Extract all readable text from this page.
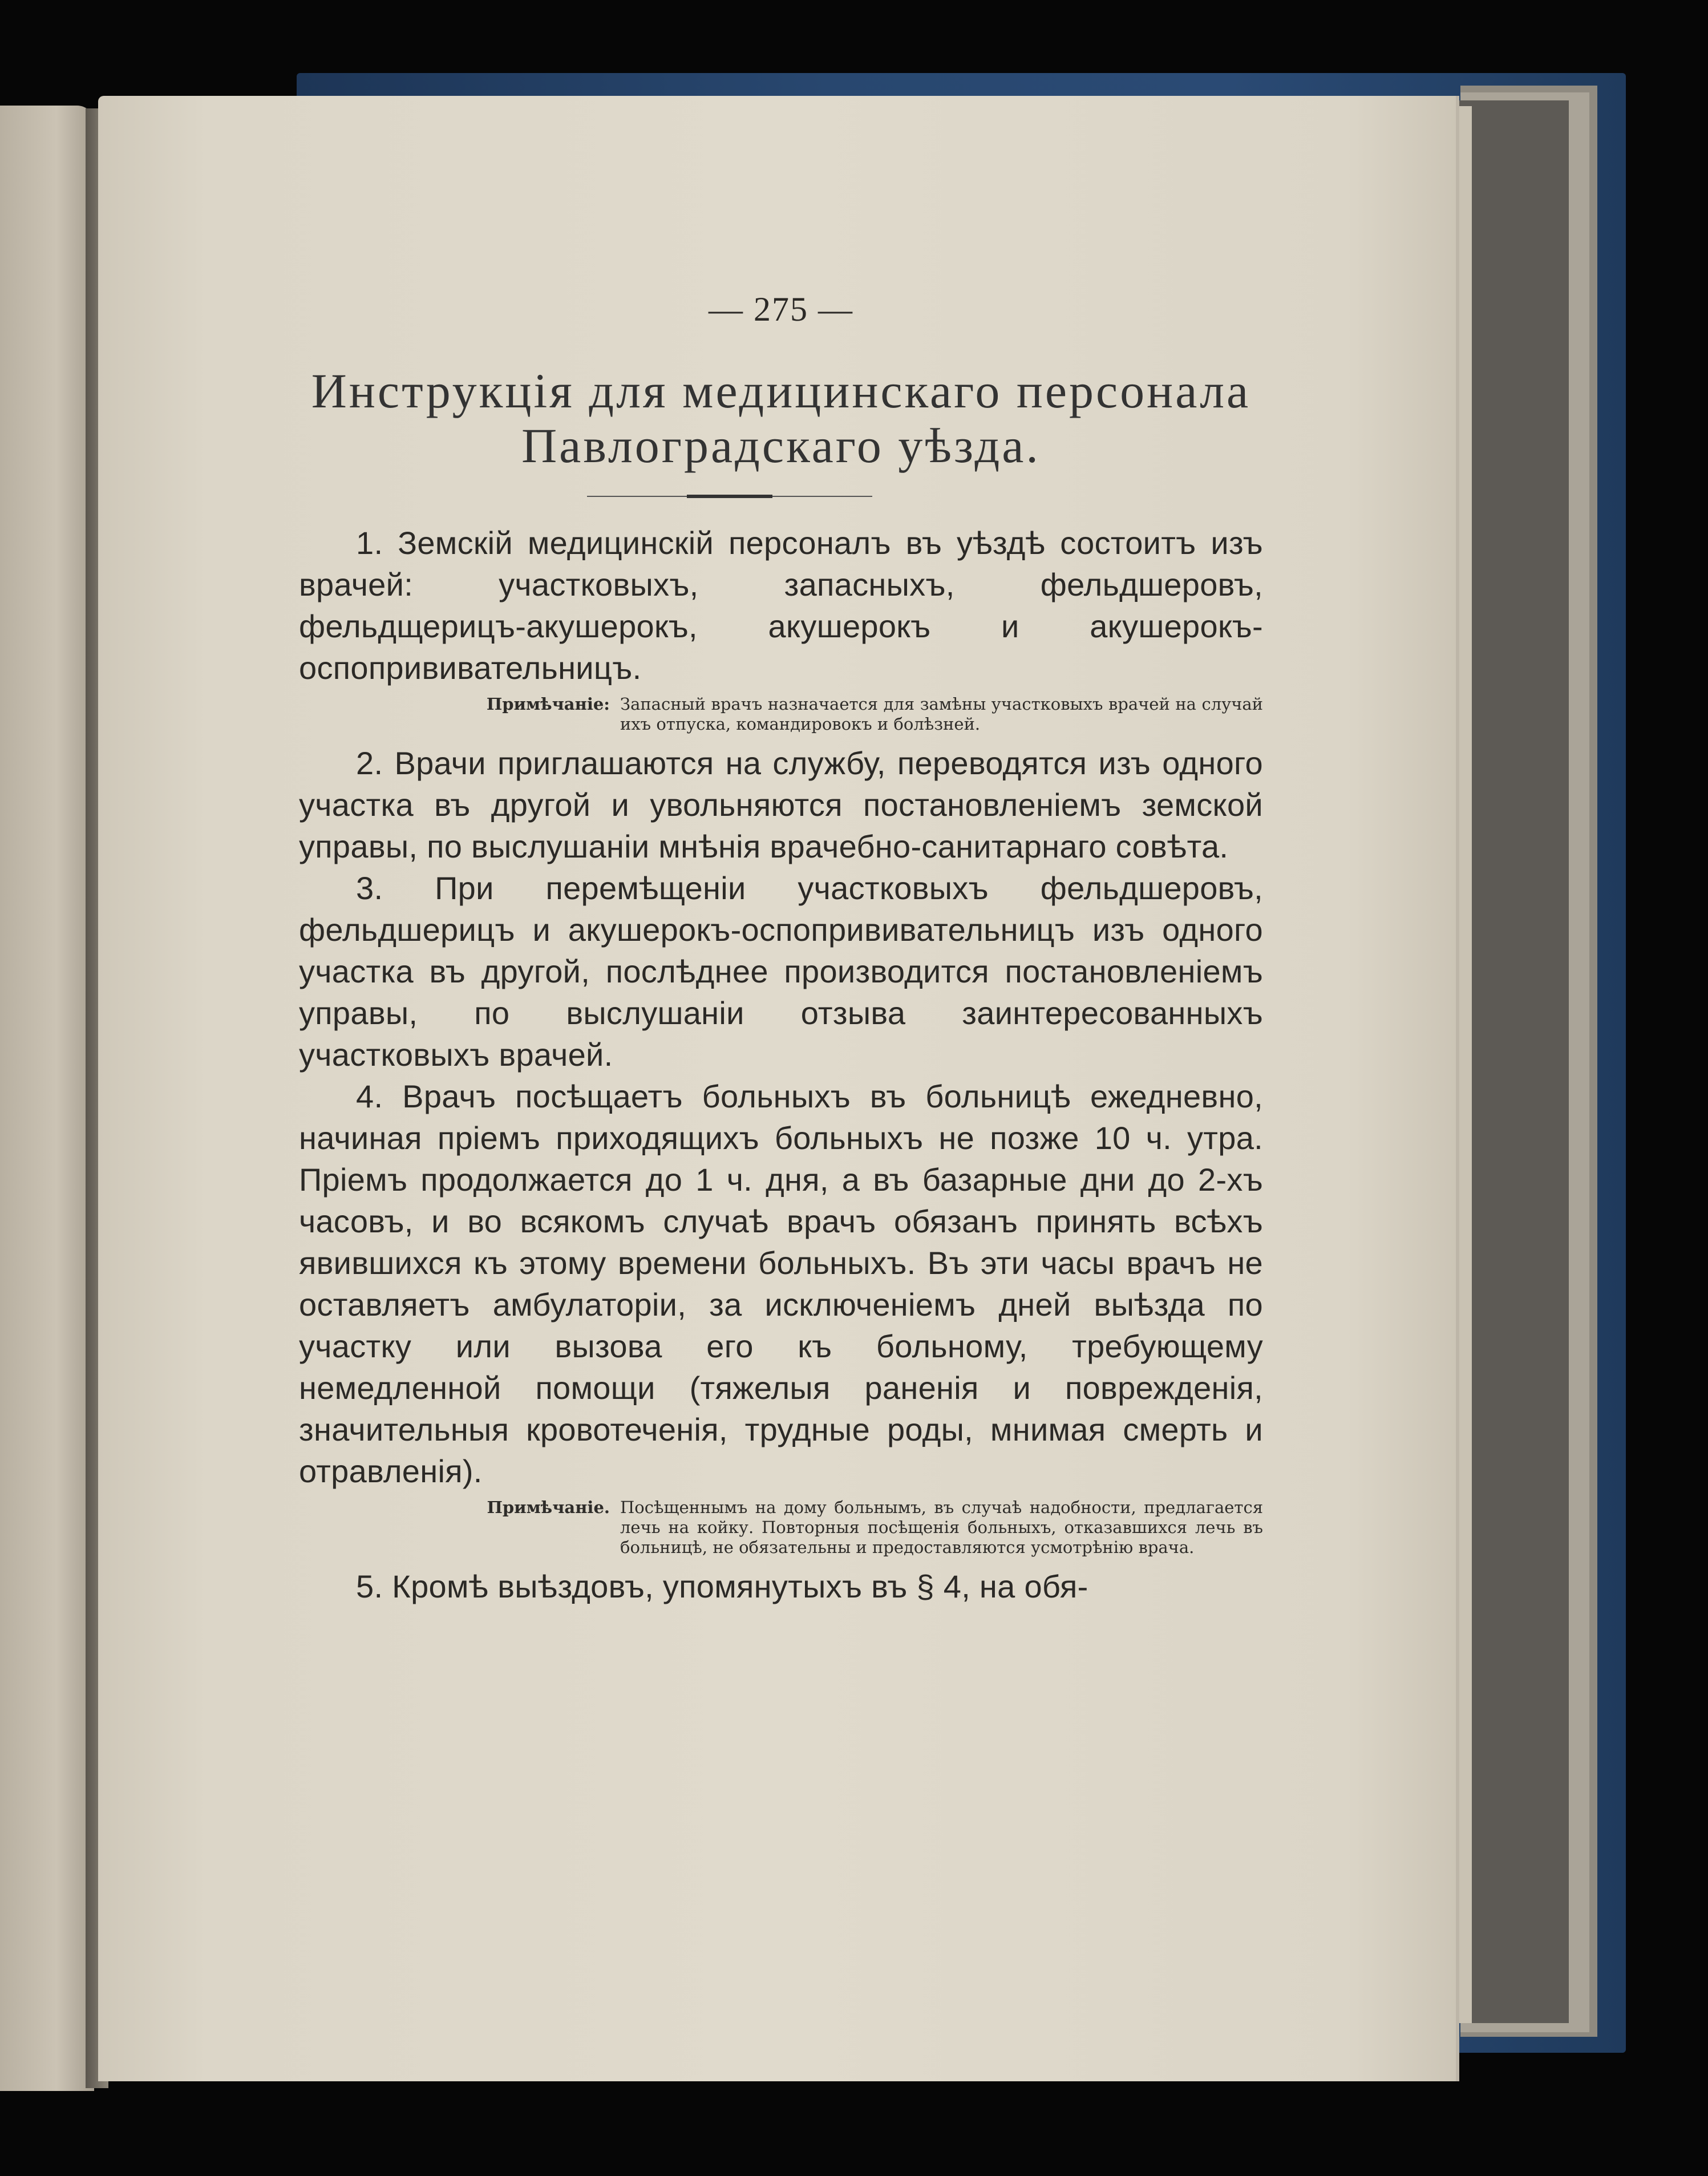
— 275 —
Инструкція для медицинскаго персонала
Павлоградскаго уѣзда.

1. Земскій медицинскій персоналъ въ уѣздѣ состоитъ изъ врачей: участковыхъ, запасныхъ, фельдшеровъ, фельдщерицъ-акушерокъ, акушерокъ и акушерокъ-оспопрививательницъ.

Примѣчаніе: Запасный врачъ назначается для замѣны участковыхъ врачей на случай ихъ отпуска, командировокъ и болѣзней.

2. Врачи приглашаются на службу, переводятся изъ одного участка въ другой и увольняются постановленіемъ земской управы, по выслушаніи мнѣнія врачебно-санитарнаго совѣта.

3. При перемѣщеніи участковыхъ фельдшеровъ, фельдшерицъ и акушерокъ-оспопрививательницъ изъ одного участка въ другой, послѣднее производится постановленіемъ управы, по выслушаніи отзыва заинтересованныхъ участковыхъ врачей.

4. Врачъ посѣщаетъ больныхъ въ больницѣ ежедневно, начиная пріемъ приходящихъ больныхъ не позже 10 ч. утра. Пріемъ продолжается до 1 ч. дня, а въ базарные дни до 2-хъ часовъ, и во всякомъ случаѣ врачъ обязанъ принять всѣхъ явившихся къ этому времени больныхъ. Въ эти часы врачъ не оставляетъ амбулаторіи, за исключеніемъ дней выѣзда по участку или вызова его къ больному, требующему немедленной помощи (тяжелыя раненія и поврежденія, значительныя кровотеченія, трудные роды, мнимая смерть и отравленія).

Примѣчаніе. Посѣщеннымъ на дому больнымъ, въ случаѣ надобности, предлагается лечь на койку. Повторныя посѣщенія больныхъ, отказавшихся лечь въ больницѣ, не обязательны и предоставляются усмотрѣнію врача.

5. Кромѣ выѣздовъ, упомянутыхъ въ § 4, на обя-
